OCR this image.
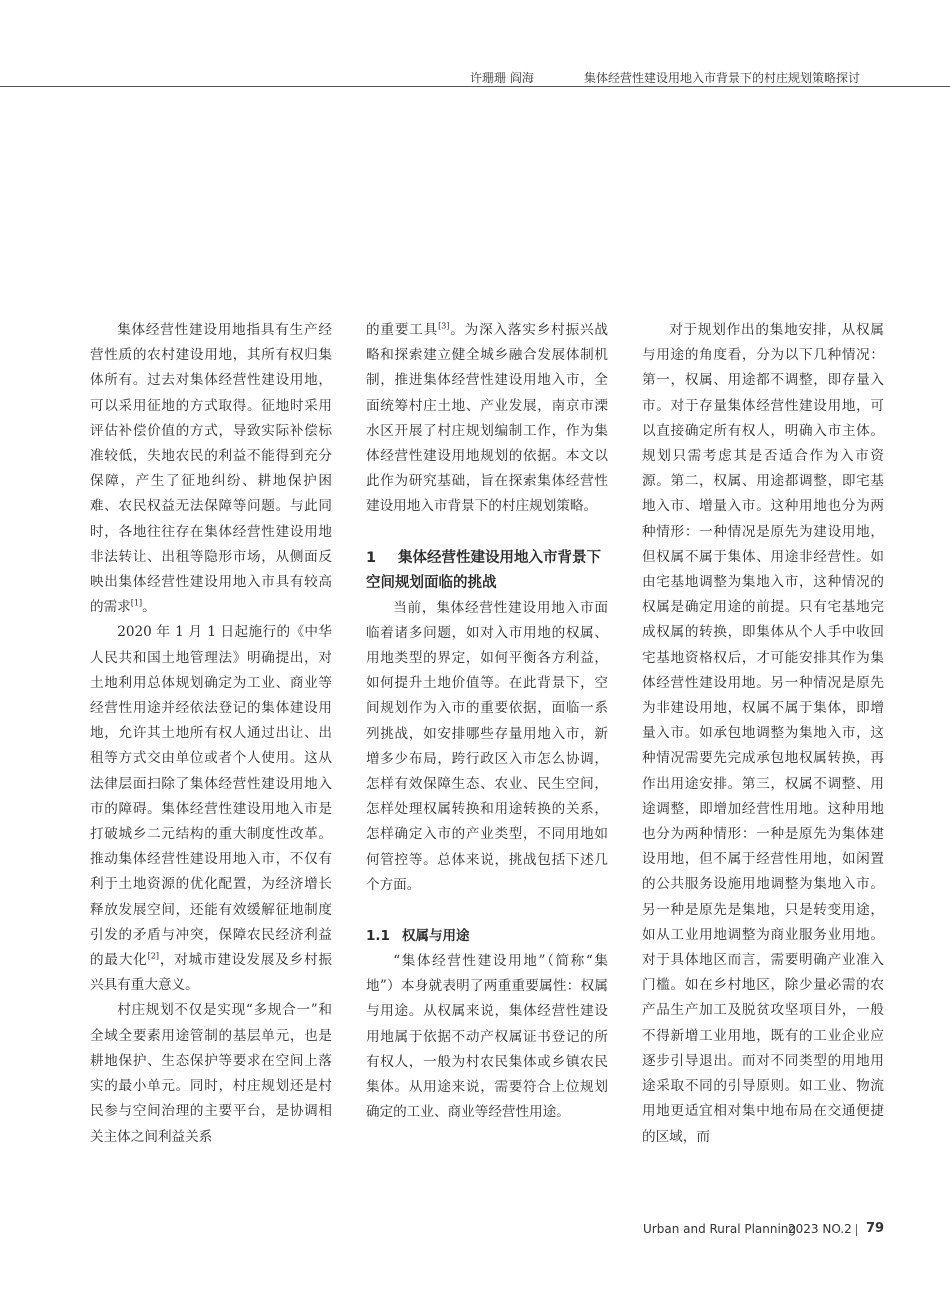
许珊珊 阎海	集体经营性建设用地入市背景下的村庄规划策略探讨

集体经营性建设用地指具有生产经营性质的农村建设用地，其所有权归集体所有。过去对集体经营性建设用地，可以采用征地的方式取得。征地时采用评估补偿价值的方式，导致实际补偿标准较低，失地农民的利益不能得到充分保障，产生了征地纠纷、耕地保护困难、农民权益无法保障等问题。与此同时，各地往往存在集体经营性建设用地非法转让、出租等隐形市场，从侧面反映出集体经营性建设用地入市具有较高的需求[1]。

2020 年 1 月 1 日起施行的《中华人民共和国土地管理法》明确提出，对土地利用总体规划确定为工业、商业等经营性用途并经依法登记的集体建设用地，允许其土地所有权人通过出让、出租等方式交由单位或者个人使用。这从法律层面扫除了集体经营性建设用地入市的障碍。集体经营性建设用地入市是打破城乡二元结构的重大制度性改革。推动集体经营性建设用地入市，不仅有利于土地资源的优化配置，为经济增长释放发展空间，还能有效缓解征地制度引发的矛盾与冲突，保障农民经济利益的最大化[2]，对城市建设发展及乡村振兴具有重大意义。

村庄规划不仅是实现“多规合一”和全域全要素用途管制的基层单元，也是耕地保护、生态保护等要求在空间上落实的最小单元。同时，村庄规划还是村民参与空间治理的主要平台，是协调相关主体之间利益关系

的重要工具[3]。为深入落实乡村振兴战略和探索建立健全城乡融合发展体制机制，推进集体经营性建设用地入市，全面统筹村庄土地、产业发展，南京市溧水区开展了村庄规划编制工作，作为集体经营性建设用地规划的依据。本文以此作为研究基础，旨在探索集体经营性建设用地入市背景下的村庄规划策略。

1 集体经营性建设用地入市背景下空间规划面临的挑战

当前，集体经营性建设用地入市面临着诸多问题，如对入市用地的权属、用地类型的界定，如何平衡各方利益，如何提升土地价值等。在此背景下，空间规划作为入市的重要依据，面临一系列挑战，如安排哪些存量用地入市，新增多少布局，跨行政区入市怎么协调，怎样有效保障生态、农业、民生空间，怎样处理权属转换和用途转换的关系，怎样确定入市的产业类型，不同用地如何管控等。总体来说，挑战包括下述几个方面。

1.1 权属与用途

“集体经营性建设用地”（简称“集地”）本身就表明了两重重要属性：权属与用途。从权属来说，集体经营性建设用地属于依据不动产权属证书登记的所有权人，一般为村农民集体或乡镇农民集体。从用途来说，需要符合上位规划确定的工业、商业等经营性用途。

对于规划作出的集地安排，从权属与用途的角度看，分为以下几种情况：第一，权属、用途都不调整，即存量入市。对于存量集体经营性建设用地，可以直接确定所有权人，明确入市主体。规划只需考虑其是否适合作为入市资源。第二，权属、用途都调整，即宅基地入市、增量入市。这种用地也分为两种情形：一种情况是原先为建设用地，但权属不属于集体、用途非经营性。如由宅基地调整为集地入市，这种情况的权属是确定用途的前提。只有宅基地完成权属的转换，即集体从个人手中收回宅基地资格权后，才可能安排其作为集体经营性建设用地。另一种情况是原先为非建设用地，权属不属于集体，即增量入市。如承包地调整为集地入市，这种情况需要先完成承包地权属转换，再作出用途安排。第三，权属不调整、用途调整，即增加经营性用地。这种用地也分为两种情形：一种是原先为集体建设用地，但不属于经营性用地，如闲置的公共服务设施用地调整为集地入市。另一种是原先是集地，只是转变用途，如从工业用地调整为商业服务业用地。对于具体地区而言，需要明确产业准入门槛。如在乡村地区，除少量必需的农产品生产加工及脱贫攻坚项目外，一般不得新增工业用地，既有的工业企业应逐步引导退出。而对不同类型的用地用途采取不同的引导原则。如工业、物流用地更适宜相对集中地布局在交通便捷的区域，而

Urban and Rural Planning
2023 NO.2 79
